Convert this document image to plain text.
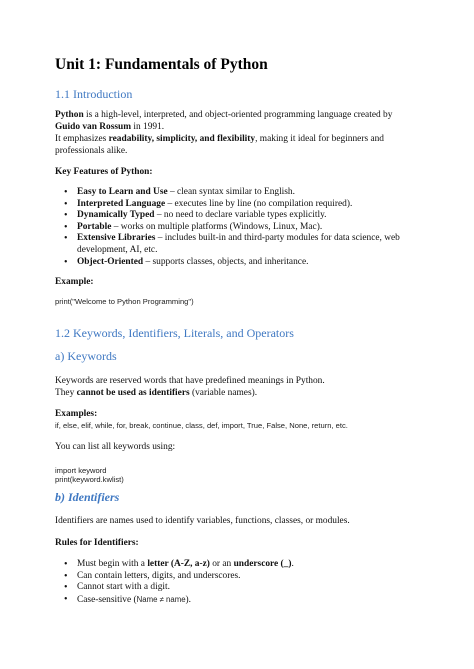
Unit 1: Fundamentals of Python
1.1 Introduction
Python is a high-level, interpreted, and object-oriented programming language created by
Guido van Rossum in 1991.
It emphasizes readability, simplicity, and flexibility, making it ideal for beginners and
professionals alike.
Key Features of Python:
• Easy to Learn and Use – clean syntax similar to English.
• Interpreted Language – executes line by line (no compilation required).
• Dynamically Typed – no need to declare variable types explicitly.
• Portable – works on multiple platforms (Windows, Linux, Mac).
• Extensive Libraries – includes built-in and third-party modules for data science, web
development, AI, etc.
• Object-Oriented – supports classes, objects, and inheritance.
Example:
print("Welcome to Python Programming")
1.2 Keywords, Identifiers, Literals, and Operators
a) Keywords
Keywords are reserved words that have predefined meanings in Python.
They cannot be used as identifiers (variable names).
Examples:
if, else, elif, while, for, break, continue, class, def, import, True, False, None, return, etc.
You can list all keywords using:
import keyword
print(keyword.kwlist)
b) Identifiers
Identifiers are names used to identify variables, functions, classes, or modules.
Rules for Identifiers:
• Must begin with a letter (A-Z, a-z) or an underscore (_).
• Can contain letters, digits, and underscores.
• Cannot start with a digit.
• Case-sensitive (Name ≠ name).
